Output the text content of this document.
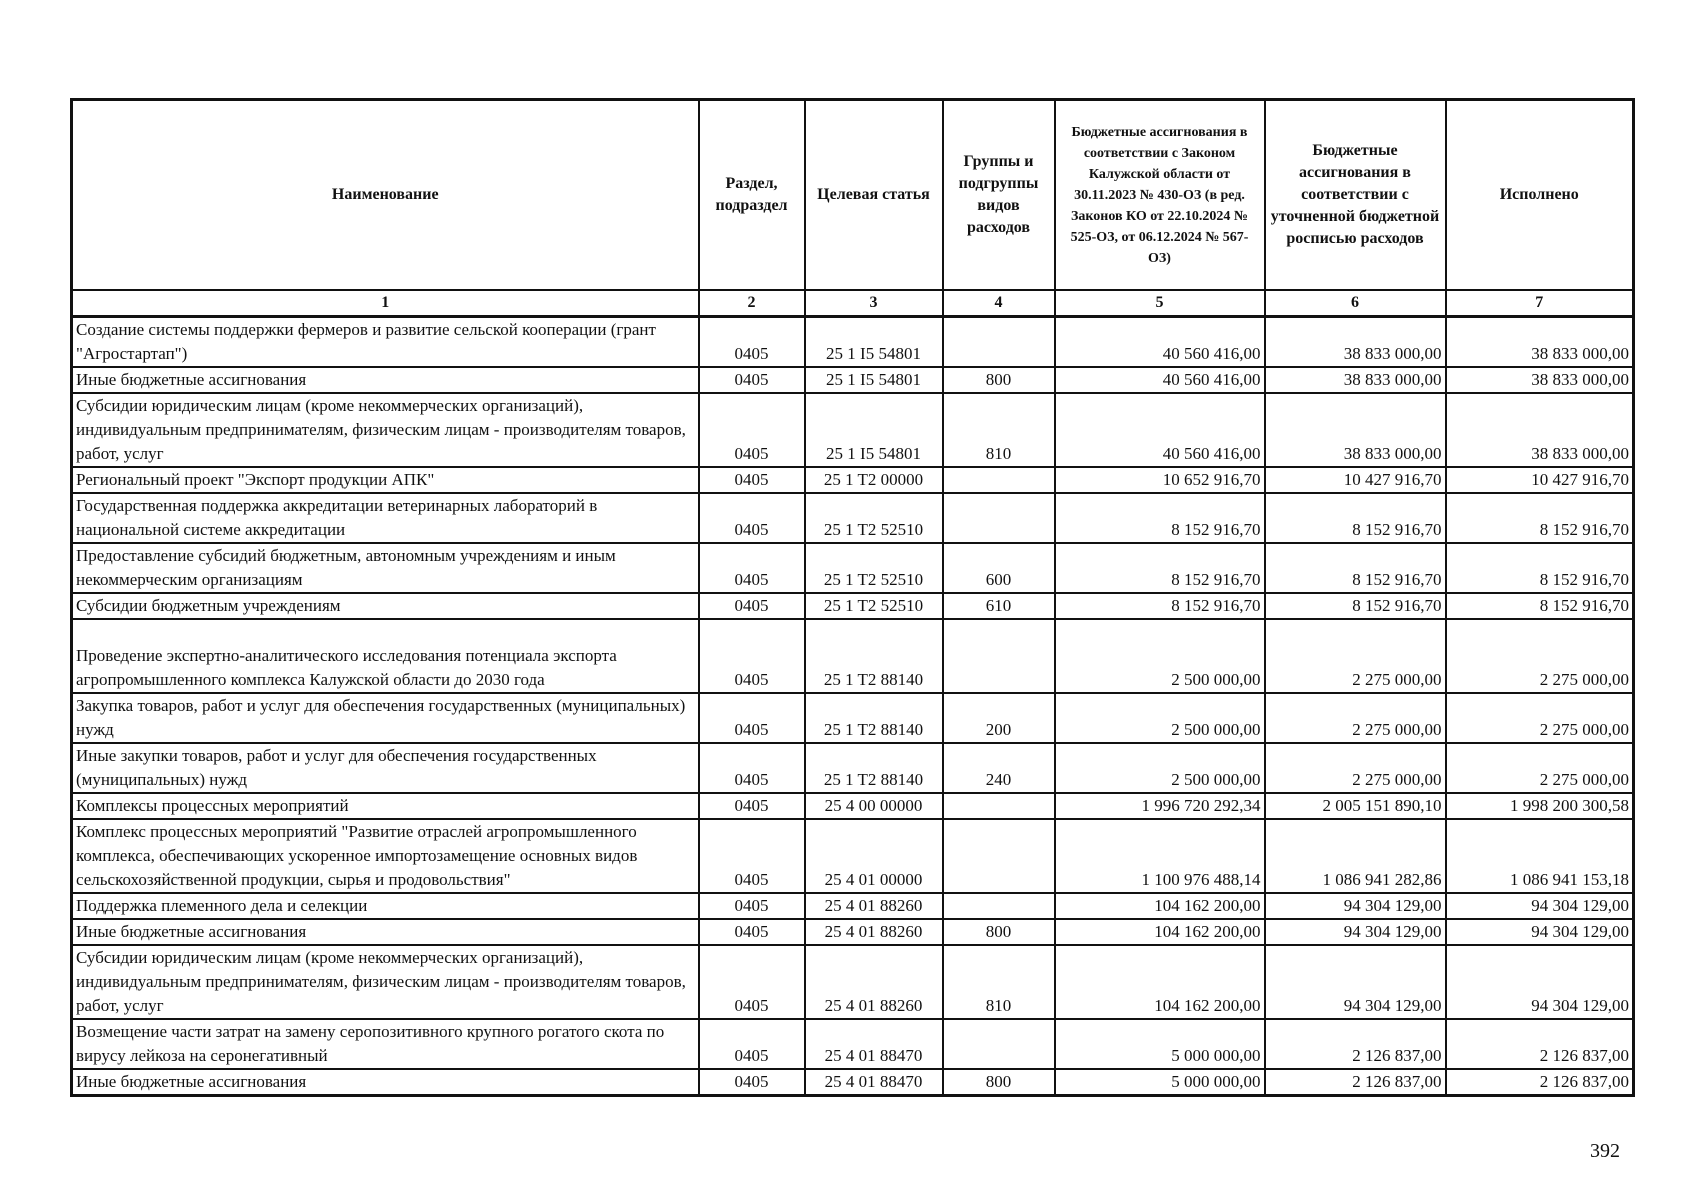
Наименование	Раздел, подраздел	Целевая статья	Группы и подгруппы видов расходов	Бюджетные ассигнования в соответствии с Законом Калужской области от 30.11.2023 № 430-ОЗ (в ред. Законов КО от 22.10.2024 № 525-ОЗ, от 06.12.2024 № 567-ОЗ)	Бюджетные ассигнования в соответствии с уточненной бюджетной росписью расходов	Исполнено
1	2	3	4	5	6	7
Создание системы поддержки фермеров и развитие сельской кооперации (грант "Агростартап")	0405	25 1 I5 54801		40 560 416,00	38 833 000,00	38 833 000,00
Иные бюджетные ассигнования	0405	25 1 I5 54801	800	40 560 416,00	38 833 000,00	38 833 000,00
Субсидии юридическим лицам (кроме некоммерческих организаций), индивидуальным предпринимателям, физическим лицам - производителям товаров, работ, услуг	0405	25 1 I5 54801	810	40 560 416,00	38 833 000,00	38 833 000,00
Региональный проект "Экспорт продукции АПК"	0405	25 1 T2 00000		10 652 916,70	10 427 916,70	10 427 916,70
Государственная поддержка аккредитации ветеринарных лабораторий в национальной системе аккредитации	0405	25 1 T2 52510		8 152 916,70	8 152 916,70	8 152 916,70
Предоставление субсидий бюджетным, автономным учреждениям и иным некоммерческим организациям	0405	25 1 T2 52510	600	8 152 916,70	8 152 916,70	8 152 916,70
Субсидии бюджетным учреждениям	0405	25 1 T2 52510	610	8 152 916,70	8 152 916,70	8 152 916,70
Проведение экспертно-аналитического исследования потенциала экспорта агропромышленного комплекса Калужской области до 2030 года	0405	25 1 T2 88140		2 500 000,00	2 275 000,00	2 275 000,00
Закупка товаров, работ и услуг для обеспечения государственных (муниципальных) нужд	0405	25 1 T2 88140	200	2 500 000,00	2 275 000,00	2 275 000,00
Иные закупки товаров, работ и услуг для обеспечения государственных (муниципальных) нужд	0405	25 1 T2 88140	240	2 500 000,00	2 275 000,00	2 275 000,00
Комплексы процессных мероприятий	0405	25 4 00 00000		1 996 720 292,34	2 005 151 890,10	1 998 200 300,58
Комплекс процессных мероприятий "Развитие отраслей агропромышленного комплекса, обеспечивающих ускоренное импортозамещение основных видов сельскохозяйственной продукции, сырья и продовольствия"	0405	25 4 01 00000		1 100 976 488,14	1 086 941 282,86	1 086 941 153,18
Поддержка племенного дела и селекции	0405	25 4 01 88260		104 162 200,00	94 304 129,00	94 304 129,00
Иные бюджетные ассигнования	0405	25 4 01 88260	800	104 162 200,00	94 304 129,00	94 304 129,00
Субсидии юридическим лицам (кроме некоммерческих организаций), индивидуальным предпринимателям, физическим лицам - производителям товаров, работ, услуг	0405	25 4 01 88260	810	104 162 200,00	94 304 129,00	94 304 129,00
Возмещение части затрат на замену серопозитивного крупного рогатого скота по вирусу лейкоза на серонегативный	0405	25 4 01 88470		5 000 000,00	2 126 837,00	2 126 837,00
Иные бюджетные ассигнования	0405	25 4 01 88470	800	5 000 000,00	2 126 837,00	2 126 837,00
392
